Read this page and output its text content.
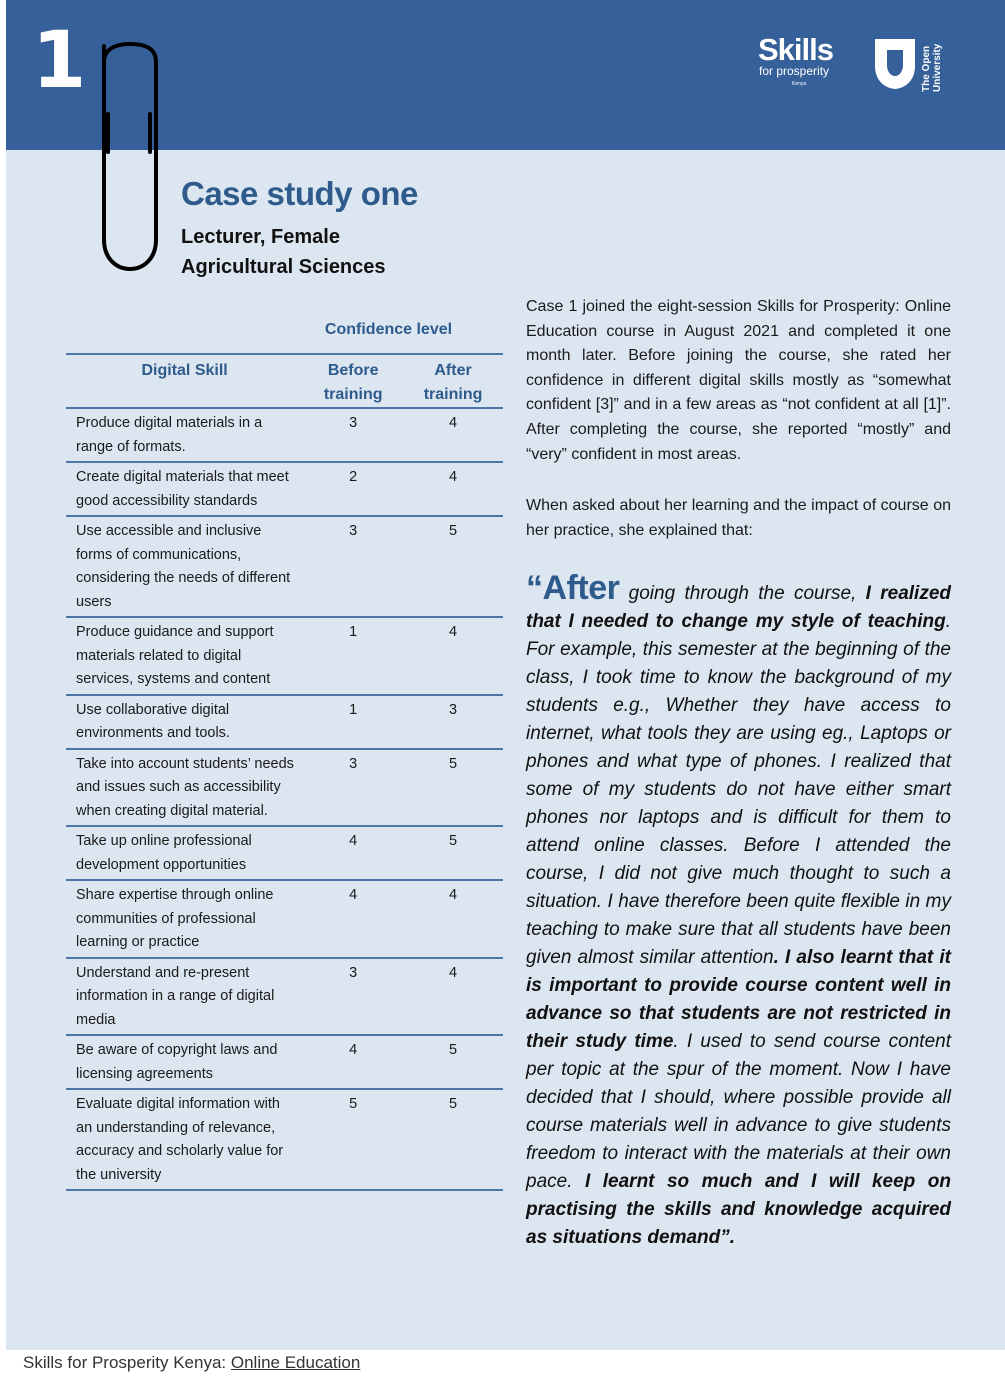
1	Skills
for prosperity
Kenya	The Open
University
Case study one
Lecturer, Female
Agricultural Sciences
Confidence level
Digital Skill	Before training	After training
Produce digital materials in a range of formats.	3	4
Create digital materials that meet good accessibility standards	2	4
Use accessible and inclusive forms of communications, considering the needs of different users	3	5
Produce guidance and support materials related to digital services, systems and content	1	4
Use collaborative digital environments and tools.	1	3
Take into account students’ needs and issues such as accessibility when creating digital material.	3	5
Take up online professional development opportunities	4	5
Share expertise through online communities of professional learning or practice	4	4
Understand and re-present information in a range of digital media	3	4
Be aware of copyright laws and licensing agreements	4	5
Evaluate digital information with an understanding of relevance, accuracy and scholarly value for the university	5	5

Case 1 joined the eight-session Skills for Prosperity: Online Education course in August 2021 and completed it one month later. Before joining the course, she rated her confidence in different digital skills mostly as “somewhat confident [3]” and in a few areas as “not confident at all [1]”. After completing the course, she reported “mostly” and “very” confident in most areas.

When asked about her learning and the impact of course on her practice, she explained that:

“After going through the course, I realized that I needed to change my style of teaching. For example, this semester at the beginning of the class, I took time to know the background of my students e.g., Whether they have access to internet, what tools they are using eg., Laptops or phones and what type of phones. I realized that some of my students do not have either smart phones nor laptops and is difficult for them to attend online classes. Before I attended the course, I did not give much thought to such a situation. I have therefore been quite flexible in my teaching to make sure that all students have been given almost similar attention. I also learnt that it is important to provide course content well in advance so that students are not restricted in their study time. I used to send course content per topic at the spur of the moment. Now I have decided that I should, where possible provide all course materials well in advance to give students freedom to interact with the materials at their own pace. I learnt so much and I will keep on practising the skills and knowledge acquired as situations demand”.

Skills for Prosperity Kenya: Online Education
